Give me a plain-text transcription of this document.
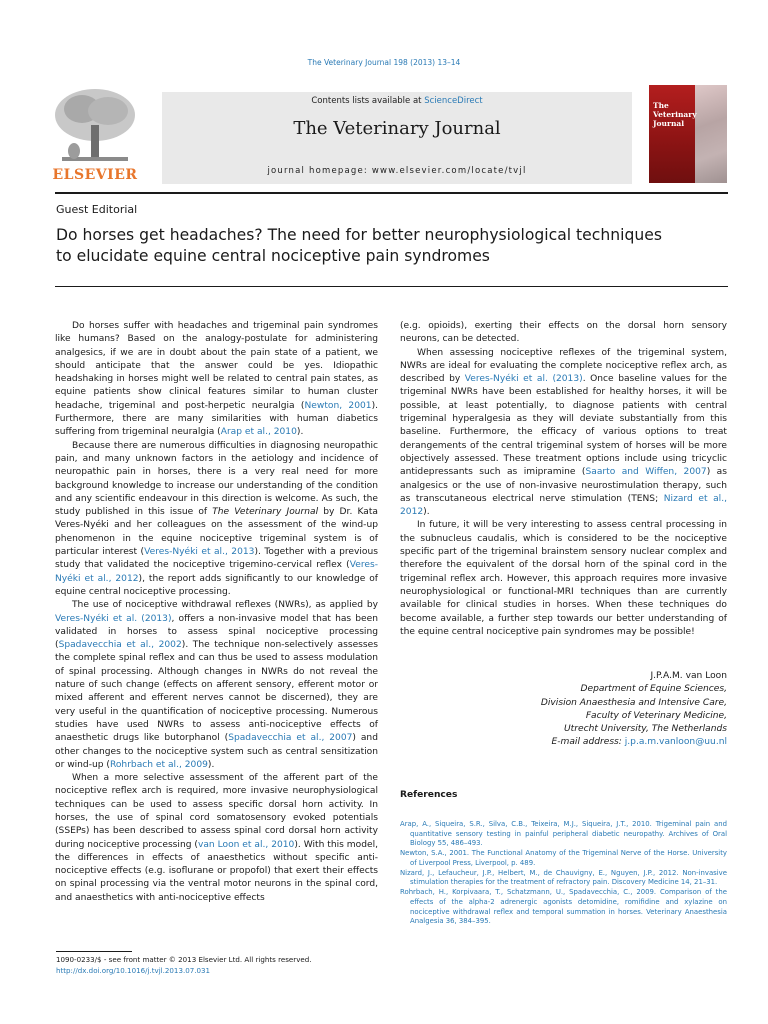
The Veterinary Journal 198 (2013) 13–14
ELSEVIER
Contents lists available at ScienceDirect
The Veterinary Journal
journal homepage: www.elsevier.com/locate/tvjl
The
Veterinary
Journal
Guest Editorial
Do horses get headaches? The need for better neurophysiological techniques
to elucidate equine central nociceptive pain syndromes

Do horses suffer with headaches and trigeminal pain syndromes like humans? Based on the analogy-postulate for administering analgesics, if we are in doubt about the pain state of a patient, we should anticipate that the answer could be yes. Idiopathic headshaking in horses might well be related to central pain states, as equine patients show clinical features similar to human cluster headache, trigeminal and post-herpetic neuralgia (Newton, 2001). Furthermore, there are many similarities with human diabetics suffering from trigeminal neuralgia (Arap et al., 2010).

Because there are numerous difficulties in diagnosing neuropathic pain, and many unknown factors in the aetiology and incidence of neuropathic pain in horses, there is a very real need for more background knowledge to increase our understanding of the condition and any scientific endeavour in this direction is welcome. As such, the study published in this issue of The Veterinary Journal by Dr. Kata Veres-Nyéki and her colleagues on the assessment of the wind-up phenomenon in the equine nociceptive trigeminal system is of particular interest (Veres-Nyéki et al., 2013). Together with a previous study that validated the nociceptive trigemino-cervical reflex (Veres-Nyéki et al., 2012), the report adds significantly to our knowledge of equine central nociceptive processing.

The use of nociceptive withdrawal reflexes (NWRs), as applied by Veres-Nyéki et al. (2013), offers a non-invasive model that has been validated in horses to assess spinal nociceptive processing (Spadavecchia et al., 2002). The technique non-selectively assesses the complete spinal reflex and can thus be used to assess modulation of spinal processing. Although changes in NWRs do not reveal the nature of such change (effects on afferent sensory, efferent motor or mixed afferent and efferent nerves cannot be discerned), they are very useful in the quantification of nociceptive processing. Numerous studies have used NWRs to assess anti-nociceptive effects of anaesthetic drugs like butorphanol (Spadavecchia et al., 2007) and other changes to the nociceptive system such as central sensitization or wind-up (Rohrbach et al., 2009).

When a more selective assessment of the afferent part of the nociceptive reflex arch is required, more invasive neurophysiological techniques can be used to assess specific dorsal horn activity. In horses, the use of spinal cord somatosensory evoked potentials (SSEPs) has been described to assess spinal cord dorsal horn activity during nociceptive processing (van Loon et al., 2010). With this model, the differences in effects of anaesthetics without specific anti-nociceptive effects (e.g. isoflurane or propofol) that exert their effects on spinal processing via the ventral motor neurons in the spinal cord, and anaesthetics with anti-nociceptive effects

(e.g. opioids), exerting their effects on the dorsal horn sensory neurons, can be detected.

When assessing nociceptive reflexes of the trigeminal system, NWRs are ideal for evaluating the complete nociceptive reflex arch, as described by Veres-Nyéki et al. (2013). Once baseline values for the trigeminal NWRs have been established for healthy horses, it will be possible, at least potentially, to diagnose patients with central trigeminal hyperalgesia as they will deviate substantially from this baseline. Furthermore, the efficacy of various options to treat derangements of the central trigeminal system of horses will be more objectively assessed. These treatment options include using tricyclic antidepressants such as imipramine (Saarto and Wiffen, 2007) as analgesics or the use of non-invasive neurostimulation therapy, such as transcutaneous electrical nerve stimulation (TENS; Nizard et al., 2012).

In future, it will be very interesting to assess central processing in the subnucleus caudalis, which is considered to be the nociceptive specific part of the trigeminal brainstem sensory nuclear complex and therefore the equivalent of the dorsal horn of the spinal cord in the trigeminal reflex arch. However, this approach requires more invasive neurophysiological or functional-MRI techniques than are currently available for clinical studies in horses. When these techniques do become available, a further step towards our better understanding of the equine central nociceptive pain syndromes may be possible!

J.P.A.M. van Loon
Department of Equine Sciences,
Division Anaesthesia and Intensive Care,
Faculty of Veterinary Medicine,
Utrecht University, The Netherlands
E-mail address: j.p.a.m.vanloon@uu.nl
References
Arap, A., Siqueira, S.R., Silva, C.B., Teixeira, M.J., Siqueira, J.T., 2010. Trigeminal pain and quantitative sensory testing in painful peripheral diabetic neuropathy. Archives of Oral Biology 55, 486–493.
Newton, S.A., 2001. The Functional Anatomy of the Trigeminal Nerve of the Horse. University of Liverpool Press, Liverpool, p. 489.
Nizard, J., Lefaucheur, J.P., Helbert, M., de Chauvigny, E., Nguyen, J.P., 2012. Non-invasive stimulation therapies for the treatment of refractory pain. Discovery Medicine 14, 21–31.
Rohrbach, H., Korpivaara, T., Schatzmann, U., Spadavecchia, C., 2009. Comparison of the effects of the alpha-2 adrenergic agonists detomidine, romifidine and xylazine on nociceptive withdrawal reflex and temporal summation in horses. Veterinary Anaesthesia Analgesia 36, 384–395.
1090-0233/$ - see front matter © 2013 Elsevier Ltd. All rights reserved.
http://dx.doi.org/10.1016/j.tvjl.2013.07.031
